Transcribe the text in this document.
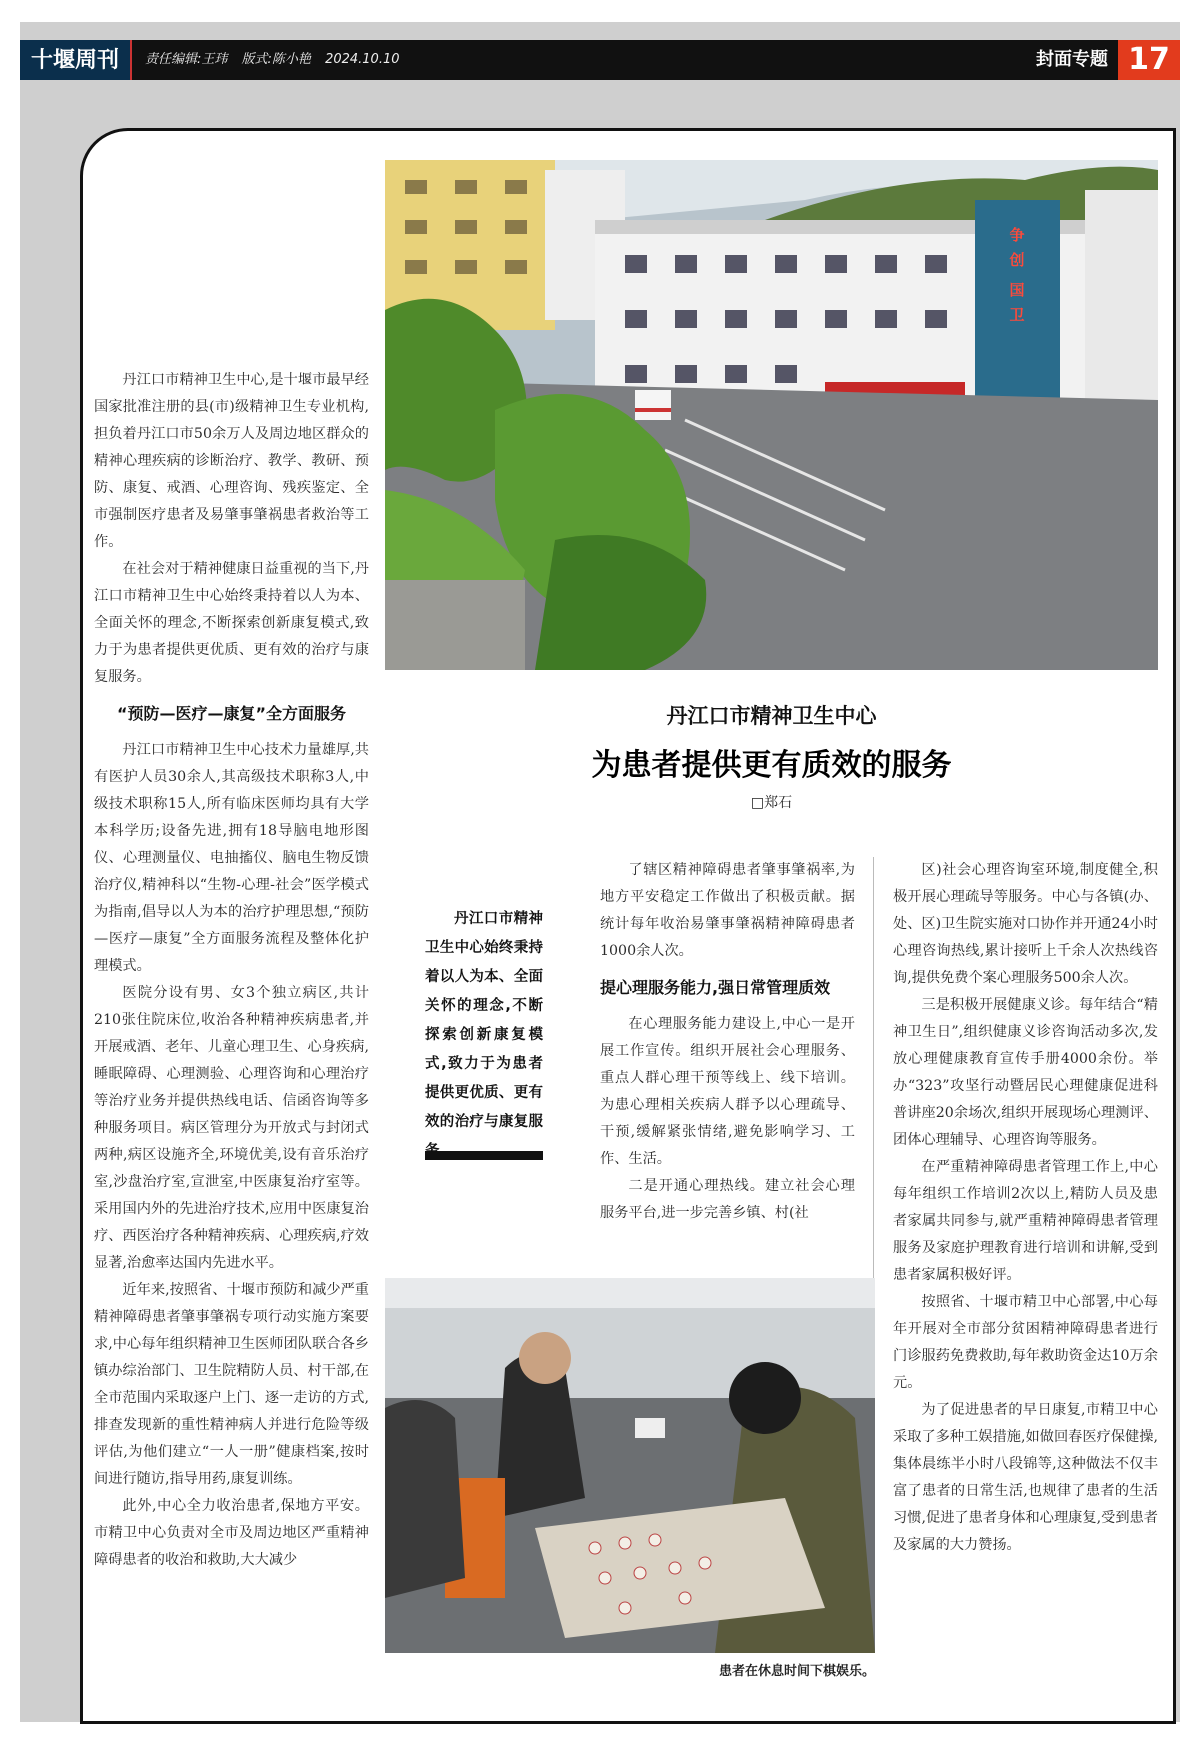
十堰周刊	责任编辑:王玮 版式:陈小艳 2024.10.10	封面专题 17
争
创
国
卫
丹江口市精神卫生中心
为患者提供更有质效的服务
□郑石

丹江口市精神卫生中心,是十堰市最早经国家批准注册的县(市)级精神卫生专业机构,担负着丹江口市50余万人及周边地区群众的精神心理疾病的诊断治疗、教学、教研、预防、康复、戒酒、心理咨询、残疾鉴定、全市强制医疗患者及易肇事肇祸患者救治等工作。

在社会对于精神健康日益重视的当下,丹江口市精神卫生中心始终秉持着以人为本、全面关怀的理念,不断探索创新康复模式,致力于为患者提供更优质、更有效的治疗与康复服务。

“预防—医疗—康复”全方面服务

丹江口市精神卫生中心技术力量雄厚,共有医护人员30余人,其高级技术职称3人,中级技术职称15人,所有临床医师均具有大学本科学历;设备先进,拥有18导脑电地形图仪、心理测量仪、电抽搐仪、脑电生物反馈治疗仪,精神科以“生物-心理-社会”医学模式为指南,倡导以人为本的治疗护理思想,“预防—医疗—康复”全方面服务流程及整体化护理模式。

医院分设有男、女3个独立病区,共计210张住院床位,收治各种精神疾病患者,并开展戒酒、老年、儿童心理卫生、心身疾病,睡眠障碍、心理测验、心理咨询和心理治疗等治疗业务并提供热线电话、信函咨询等多种服务项目。病区管理分为开放式与封闭式两种,病区设施齐全,环境优美,设有音乐治疗室,沙盘治疗室,宣泄室,中医康复治疗室等。采用国内外的先进治疗技术,应用中医康复治疗、西医治疗各种精神疾病、心理疾病,疗效显著,治愈率达国内先进水平。

近年来,按照省、十堰市预防和减少严重精神障碍患者肇事肇祸专项行动实施方案要求,中心每年组织精神卫生医师团队联合各乡镇办综治部门、卫生院精防人员、村干部,在全市范围内采取逐户上门、逐一走访的方式,排查发现新的重性精神病人并进行危险等级评估,为他们建立“一人一册”健康档案,按时间进行随访,指导用药,康复训练。

此外,中心全力收治患者,保地方平安。市精卫中心负责对全市及周边地区严重精神障碍患者的收治和救助,大大减少

丹江口市精神卫生中心始终秉持着以人为本、全面关怀的理念,不断探索创新康复模式,致力于为患者提供更优质、更有效的治疗与康复服

了辖区精神障碍患者肇事肇祸率,为地方平安稳定工作做出了积极贡献。据统计每年收治易肇事肇祸精神障碍患者1000余人次。

提心理服务能力,强日常管理质效

在心理服务能力建设上,中心一是开展工作宣传。组织开展社会心理服务、重点人群心理干预等线上、线下培训。为患心理相关疾病人群予以心理疏导、干预,缓解紧张情绪,避免影响学习、工作、生活。

二是开通心理热线。建立社会心理服务平台,进一步完善乡镇、村(社

区)社会心理咨询室环境,制度健全,积极开展心理疏导等服务。中心与各镇(办、处、区)卫生院实施对口协作并开通24小时心理咨询热线,累计接听上千余人次热线咨询,提供免费个案心理服务500余人次。

三是积极开展健康义诊。每年结合“精神卫生日”,组织健康义诊咨询活动多次,发放心理健康教育宣传手册4000余份。举办“323”攻坚行动暨居民心理健康促进科普讲座20余场次,组织开展现场心理测评、团体心理辅导、心理咨询等服务。

在严重精神障碍患者管理工作上,中心每年组织工作培训2次以上,精防人员及患者家属共同参与,就严重精神障碍患者管理服务及家庭护理教育进行培训和讲解,受到患者家属积极好评。

按照省、十堰市精卫中心部署,中心每年开展对全市部分贫困精神障碍患者进行门诊服药免费救助,每年救助资金达10万余元。

为了促进患者的早日康复,市精卫中心采取了多种工娱措施,如做回春医疗保健操,集体晨练半小时八段锦等,这种做法不仅丰富了患者的日常生活,也规律了患者的生活习惯,促进了患者身体和心理康复,受到患者及家属的大力赞扬。

患者在休息时间下棋娱乐。
